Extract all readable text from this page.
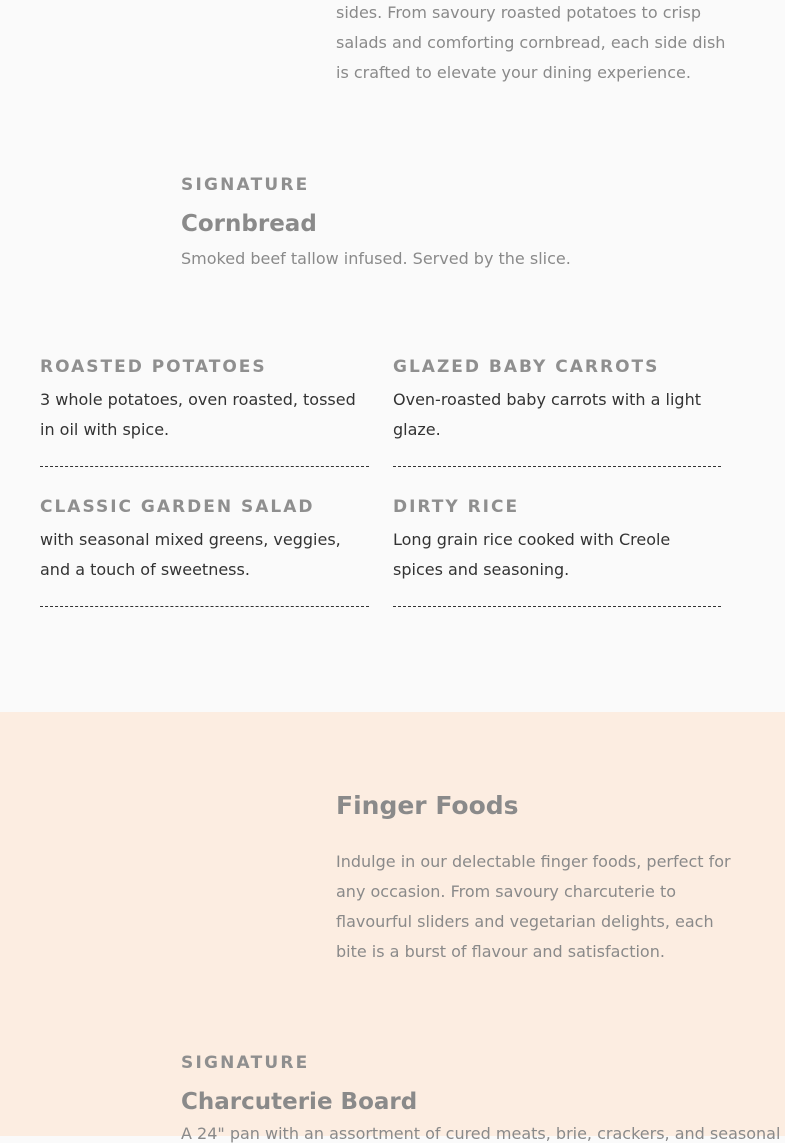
sides. From savoury roasted potatoes to crisp salads and comforting cornbread, each side dish is crafted to elevate your dining experience.

SIGNATURE
Cornbread
Smoked beef tallow infused. Served by the slice.
ROASTED POTATOES
3 whole potatoes, oven roasted, tossed in oil with spice.
GLAZED BABY CARROTS
Oven-roasted baby carrots with a light glaze.
CLASSIC GARDEN SALAD
with seasonal mixed greens, veggies, and a touch of sweetness.
DIRTY RICE
Long grain rice cooked with Creole spices and seasoning.
Finger Foods

Indulge in our delectable finger foods, perfect for any occasion. From savoury charcuterie to flavourful sliders and vegetarian delights, each bite is a burst of flavour and satisfaction.

SIGNATURE
Charcuterie Board
A 24" pan with an assortment of cured meats, brie, crackers, and seasonal
